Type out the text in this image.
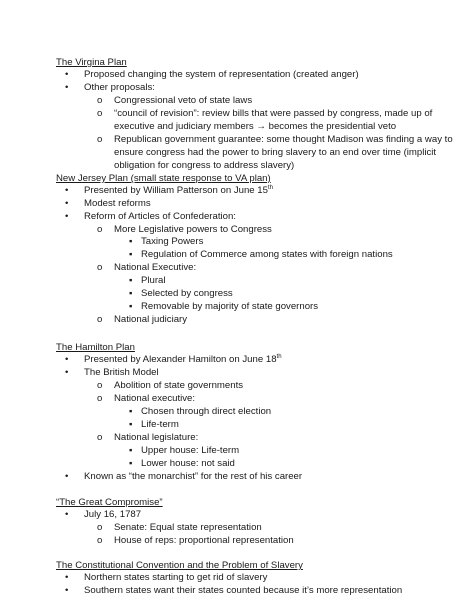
The Virgina Plan
• Proposed changing the system of representation (created anger)
• Other proposals:
o Congressional veto of state laws
o “council of revision”: review bills that were passed by congress, made up of
executive and judiciary members → becomes the presidential veto
o Republican government guarantee: some thought Madison was finding a way to
ensure congress had the power to bring slavery to an end over time (implicit
obligation for congress to address slavery)
New Jersey Plan (small state response to VA plan)
• Presented by William Patterson on June 15th
• Modest reforms
• Reform of Articles of Confederation:
o More Legislative powers to Congress
▪ Taxing Powers
▪ Regulation of Commerce among states with foreign nations
o National Executive:
▪ Plural
▪ Selected by congress
▪ Removable by majority of state governors
o National judiciary
The Hamilton Plan
• Presented by Alexander Hamilton on June 18th
• The British Model
o Abolition of state governments
o National executive:
▪ Chosen through direct election
▪ Life-term
o National legislature:
▪ Upper house: Life-term
▪ Lower house: not said
• Known as “the monarchist” for the rest of his career
“The Great Compromise”
• July 16, 1787
o Senate: Equal state representation
o House of reps: proportional representation
The Constitutional Convention and the Problem of Slavery
• Northern states starting to get rid of slavery
• Southern states want their states counted because it’s more representation
